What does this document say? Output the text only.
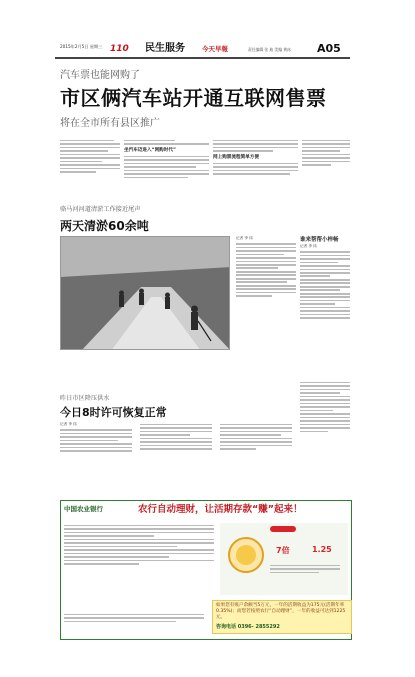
2015年2月5日 星期三 110	民生服务	今天早報	责任编辑 张 迪 美编 黄冰	A05
汽车票也能网购了
市区俩汽车站开通互联网售票
将在全市所有县区推广
坐汽车迈进入“网购时代”
网上购票流程简单方便
骆马河河道清淤工作接近尾声
两天清淤60余吨
记者 李 纬	谁来帮帮小梓畅
记者 李 纬
昨日市区降压供水
今日8时许可恢复正常
记者 李 纬
中国农业银行	农行自动理财，让活期存款“赚”起来！

7倍	1.25
如果您有账户余额当5万元，一年的活期收益为175元(活期年率0.35%)；而您若按照农行“自动理财”，一年的收益可达到1225元。
咨询电话 0396- 2855292
